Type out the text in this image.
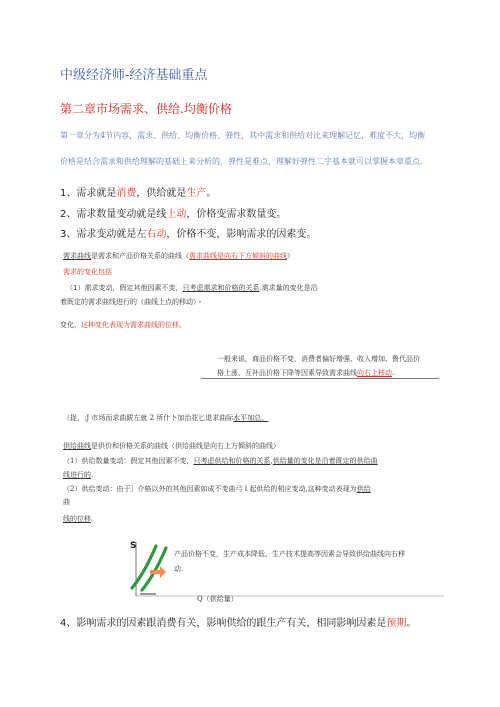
中级经济师-经济基础重点
第二章市场需求、供给.均衡价格
第一章分为4节内容，需求、供给、均衡价格、弹性，其中需求和供给对比来理解记忆，难度不大，均衡
价格是结合需求和供给理解的基础上来分析的，弹性是难点，理解好弹性二字基本就可以掌握本章重点。
1、需求就是消费，供给就是生产。
2、需求数量变动就是线上动，价格变需求数量变。
3、需求变动就是左右动，价格不变，影响需求的因素变。
需求曲线是需求和产品价格关系的曲线（需求曲线是向右下方倾斜的曲线）
需求的变化包括
（1）需求变动，假定其他因素不变，只考虑需求和价格的关系.需求量的变化是沿
着既定的需求曲线进行的（曲线上点的移动）・
变化，这种变化表现为需求曲线的位移。
一般来说，商品价格不变，消费者偏好增强、收入增加、鲁代品价
格上涨、互补品价格下降等因素导致需求曲线向右上移动.
（捉，:J 市场而求曲跋左就 2 所什卜加治花匕退求曲际水平加总。
供给曲线是供价和价格关系的曲线（供给曲线是向右上方倾斜的曲线）
（1）供给数量变动：假定其他因素不变，只考虑供给和价格的关系,供给量的变化是沿着既定的供给曲
线进行的.
（2）供给变动：由于］介格以外的其他因素如成不变曲弓Ｉ起供给的相应变动,这种变动表现为供给
曲
线的位移。
S
产品价格不变，生产成本降低、生产技术提高等因素会导致供给曲线向右移
动.
Q（供给量）
4、影响需求的因素跟消费有关，影响供给的跟生产有关，相同影响因素是预期。
